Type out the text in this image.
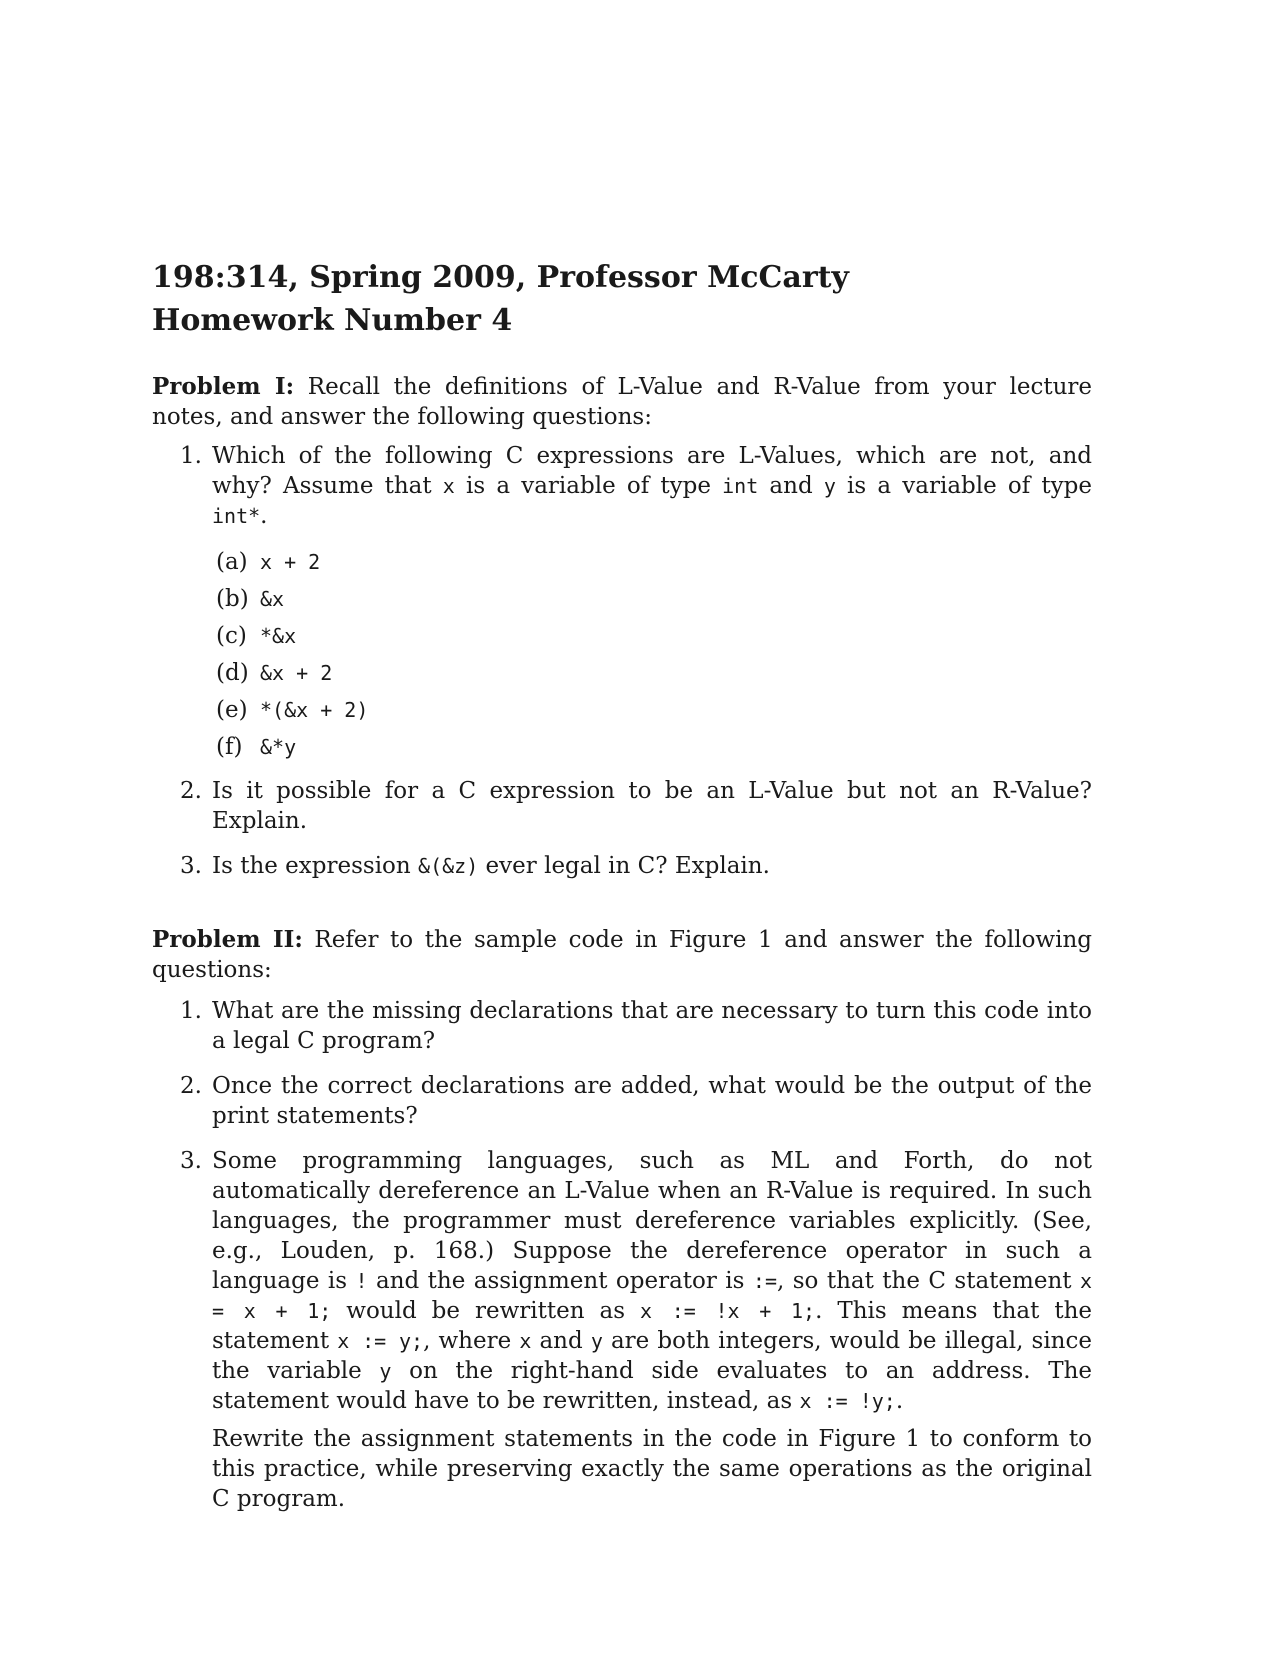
198:314, Spring 2009, Professor McCarty
Homework Number 4

Problem I: Recall the definitions of L-Value and R-Value from your lecture notes, and answer the following questions:

1. Which of the following C expressions are L-Values, which are not, and why? Assume that x is a variable of type int and y is a variable of type int*.
(a) x + 2
(b) &x
(c) *&x
(d) &x + 2
(e) *(&x + 2)
(f) &*y
2. Is it possible for a C expression to be an L-Value but not an R-Value? Explain.
3. Is the expression &(&z) ever legal in C? Explain.

Problem II: Refer to the sample code in Figure 1 and answer the following questions:

1. What are the missing declarations that are necessary to turn this code into a legal C program?
2. Once the correct declarations are added, what would be the output of the print statements?
3. Some programming languages, such as ML and Forth, do not automatically dereference an L-Value when an R-Value is required. In such languages, the programmer must dereference variables explicitly. (See, e.g., Louden, p. 168.) Suppose the dereference operator in such a language is ! and the assignment operator is :=, so that the C statement x = x + 1; would be rewritten as x := !x + 1;. This means that the statement x := y;, where x and y are both integers, would be illegal, since the variable y on the right-hand side evaluates to an address. The statement would have to be rewritten, instead, as x := !y;.

Rewrite the assignment statements in the code in Figure 1 to conform to this practice, while preserving exactly the same operations as the original C program.
